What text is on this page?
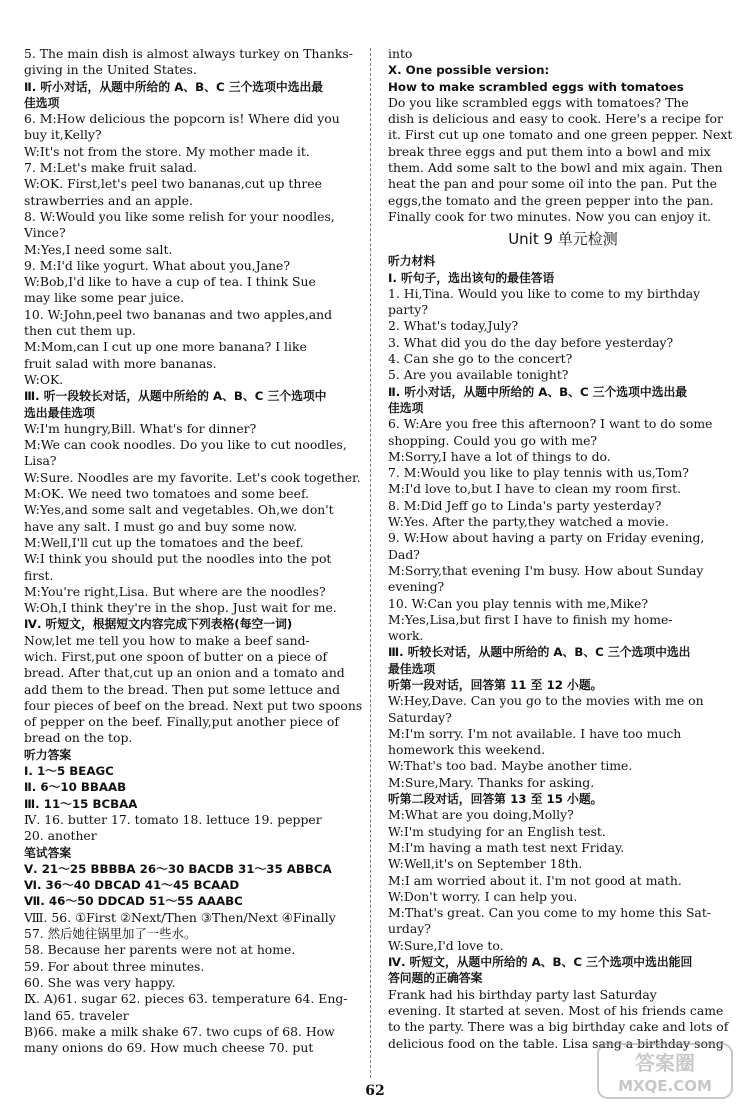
5. The main dish is almost always turkey on Thanks-
giving in the United States.
Ⅱ. 听小对话，从题中所给的 A、B、C 三个选项中选出最
佳选项
6. M:How delicious the popcorn is! Where did you
buy it,Kelly?
W:It's not from the store. My mother made it.
7. M:Let's make fruit salad.
W:OK. First,let's peel two bananas,cut up three
strawberries and an apple.
8. W:Would you like some relish for your noodles,
Vince?
M:Yes,I need some salt.
9. M:I'd like yogurt. What about you,Jane?
W:Bob,I'd like to have a cup of tea. I think Sue
may like some pear juice.
10. W:John,peel two bananas and two apples,and
then cut them up.
M:Mom,can I cut up one more banana? I like
fruit salad with more bananas.
W:OK.
Ⅲ. 听一段较长对话，从题中所给的 A、B、C 三个选项中
选出最佳选项
W:I'm hungry,Bill. What's for dinner?
M:We can cook noodles. Do you like to cut noodles,
Lisa?
W:Sure. Noodles are my favorite. Let's cook together.
M:OK. We need two tomatoes and some beef.
W:Yes,and some salt and vegetables. Oh,we don't
have any salt. I must go and buy some now.
M:Well,I'll cut up the tomatoes and the beef.
W:I think you should put the noodles into the pot
first.
M:You're right,Lisa. But where are the noodles?
W:Oh,I think they're in the shop. Just wait for me.
Ⅳ. 听短文，根据短文内容完成下列表格(每空一词)
Now,let me tell you how to make a beef sand-
wich. First,put one spoon of butter on a piece of
bread. After that,cut up an onion and a tomato and
add them to the bread. Then put some lettuce and
four pieces of beef on the bread. Next put two spoons
of pepper on the beef. Finally,put another piece of
bread on the top.
听力答案
Ⅰ. 1～5 BEAGC
Ⅱ. 6～10 BBAAB
Ⅲ. 11～15 BCBAA
Ⅳ. 16. butter 17. tomato 18. lettuce 19. pepper
20. another
笔试答案
Ⅴ. 21～25 BBBBA 26～30 BACDB 31～35 ABBCA
Ⅵ. 36～40 DBCAD 41～45 BCAAD
Ⅶ. 46～50 DDCAD 51～55 AAABC
Ⅷ. 56. ①First ②Next/Then ③Then/Next ④Finally
57. 然后她往锅里加了一些水。
58. Because her parents were not at home.
59. For about three minutes.
60. She was very happy.
Ⅸ. A)61. sugar 62. pieces 63. temperature 64. Eng-
land 65. traveler
B)66. make a milk shake 67. two cups of 68. How
many onions do 69. How much cheese 70. put
into
Ⅹ. One possible version:
How to make scrambled eggs with tomatoes
Do you like scrambled eggs with tomatoes? The
dish is delicious and easy to cook. Here's a recipe for
it. First cut up one tomato and one green pepper. Next
break three eggs and put them into a bowl and mix
them. Add some salt to the bowl and mix again. Then
heat the pan and pour some oil into the pan. Put the
eggs,the tomato and the green pepper into the pan.
Finally cook for two minutes. Now you can enjoy it.
Unit 9 单元检测
听力材料
Ⅰ. 听句子，选出该句的最佳答语
1. Hi,Tina. Would you like to come to my birthday
party?
2. What's today,July?
3. What did you do the day before yesterday?
4. Can she go to the concert?
5. Are you available tonight?
Ⅱ. 听小对话，从题中所给的 A、B、C 三个选项中选出最
佳选项
6. W:Are you free this afternoon? I want to do some
shopping. Could you go with me?
M:Sorry,I have a lot of things to do.
7. M:Would you like to play tennis with us,Tom?
M:I'd love to,but I have to clean my room first.
8. M:Did Jeff go to Linda's party yesterday?
W:Yes. After the party,they watched a movie.
9. W:How about having a party on Friday evening,
Dad?
M:Sorry,that evening I'm busy. How about Sunday
evening?
10. W:Can you play tennis with me,Mike?
M:Yes,Lisa,but first I have to finish my home-
work.
Ⅲ. 听较长对话，从题中所给的 A、B、C 三个选项中选出
最佳选项
听第一段对话，回答第 11 至 12 小题。
W:Hey,Dave. Can you go to the movies with me on
Saturday?
M:I'm sorry. I'm not available. I have too much
homework this weekend.
W:That's too bad. Maybe another time.
M:Sure,Mary. Thanks for asking.
听第二段对话，回答第 13 至 15 小题。
M:What are you doing,Molly?
W:I'm studying for an English test.
M:I'm having a math test next Friday.
W:Well,it's on September 18th.
M:I am worried about it. I'm not good at math.
W:Don't worry. I can help you.
M:That's great. Can you come to my home this Sat-
urday?
W:Sure,I'd love to.
Ⅳ. 听短文，从题中所给的 A、B、C 三个选项中选出能回
答问题的正确答案
Frank had his birthday party last Saturday
evening. It started at seven. Most of his friends came
to the party. There was a big birthday cake and lots of
delicious food on the table. Lisa sang a birthday song
62
答案圈
MXQE.COM
